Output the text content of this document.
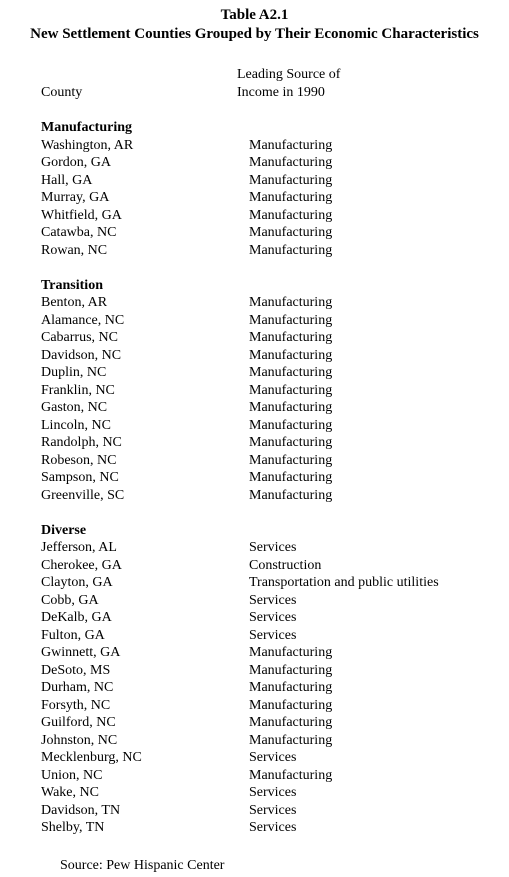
Table A2.1
New Settlement Counties Grouped by Their Economic Characteristics
County
Leading Source of
Income in 1990
Manufacturing
Washington, AR	Manufacturing
Gordon, GA	Manufacturing
Hall, GA	Manufacturing
Murray, GA	Manufacturing
Whitfield, GA	Manufacturing
Catawba, NC	Manufacturing
Rowan, NC	Manufacturing
Transition
Benton, AR	Manufacturing
Alamance, NC	Manufacturing
Cabarrus, NC	Manufacturing
Davidson, NC	Manufacturing
Duplin, NC	Manufacturing
Franklin, NC	Manufacturing
Gaston, NC	Manufacturing
Lincoln, NC	Manufacturing
Randolph, NC	Manufacturing
Robeson, NC	Manufacturing
Sampson, NC	Manufacturing
Greenville, SC	Manufacturing
Diverse
Jefferson, AL	Services
Cherokee, GA	Construction
Clayton, GA	Transportation and public utilities
Cobb, GA	Services
DeKalb, GA	Services
Fulton, GA	Services
Gwinnett, GA	Manufacturing
DeSoto, MS	Manufacturing
Durham, NC	Manufacturing
Forsyth, NC	Manufacturing
Guilford, NC	Manufacturing
Johnston, NC	Manufacturing
Mecklenburg, NC	Services
Union, NC	Manufacturing
Wake, NC	Services
Davidson, TN	Services
Shelby, TN	Services
Source: Pew Hispanic Center
